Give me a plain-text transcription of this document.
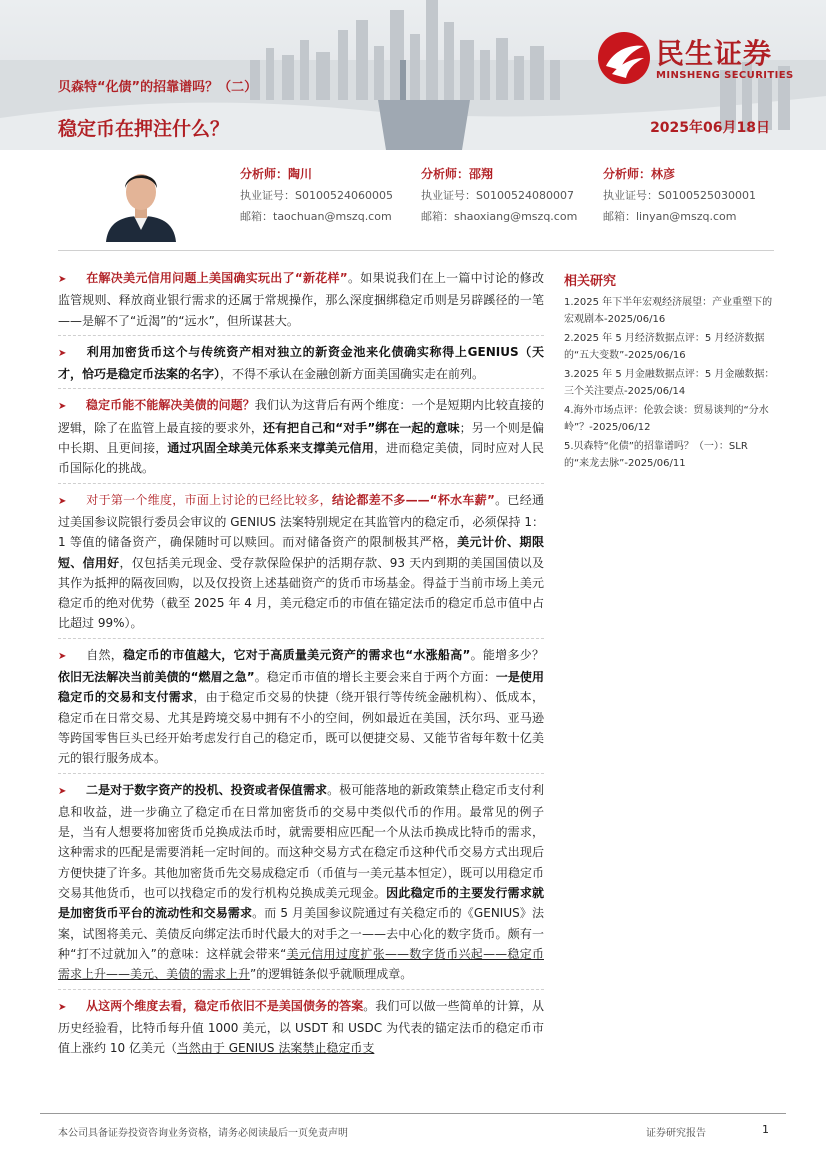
贝森特“化债”的招靠谱吗？（二）
稳定币在押注什么？	2025年06月18日
民生证券
MINSHENG SECURITIES
分析师：陶川
执业证号：S0100524060005
邮箱：taochuan@mszq.com
分析师：邵翔
执业证号：S0100524080007
邮箱：shaoxiang@mszq.com
分析师：林彦
执业证号：S0100525030001
邮箱：linyan@mszq.com
➤ 在解决美元信用问题上美国确实玩出了“新花样”。如果说我们在上一篇中讨论的修改监管规则、释放商业银行需求的还属于常规操作，那么深度捆绑稳定币则是另辟蹊径的一笔——是解不了“近渴”的“远水”，但所谋甚大。
➤ 利用加密货币这个与传统资产相对独立的新资金池来化债确实称得上GENIUS（天才，恰巧是稳定币法案的名字），不得不承认在金融创新方面美国确实走在前列。
➤ 稳定币能不能解决美债的问题？我们认为这背后有两个维度：一个是短期内比较直接的逻辑，除了在监管上最直接的要求外，还有把自己和“对手”绑在一起的意味；另一个则是偏中长期、且更间接，通过巩固全球美元体系来支撑美元信用，进而稳定美债，同时应对人民币国际化的挑战。
➤ 对于第一个维度，市面上讨论的已经比较多，结论都差不多——“杯水车薪”。已经通过美国参议院银行委员会审议的 GENIUS 法案特别规定在其监管内的稳定币，必须保持 1：1 等值的储备资产，确保随时可以赎回。而对储备资产的限制极其严格，美元计价、期限短、信用好，仅包括美元现金、受存款保险保护的活期存款、93 天内到期的美国国债以及其作为抵押的隔夜回购，以及仅投资上述基础资产的货币市场基金。得益于当前市场上美元稳定币的绝对优势（截至 2025 年 4 月，美元稳定币的市值在锚定法币的稳定币总市值中占比超过 99%）。
➤ 自然，稳定币的市值越大，它对于高质量美元资产的需求也“水涨船高”。能增多少？依旧无法解决当前美债的“燃眉之急”。稳定币市值的增长主要会来自于两个方面：一是使用稳定币的交易和支付需求，由于稳定币交易的快捷（绕开银行等传统金融机构）、低成本，稳定币在日常交易、尤其是跨境交易中拥有不小的空间，例如最近在美国，沃尔玛、亚马逊等跨国零售巨头已经开始考虑发行自己的稳定币，既可以便捷交易、又能节省每年数十亿美元的银行服务成本。
➤ 二是对于数字资产的投机、投资或者保值需求。极可能落地的新政策禁止稳定币支付利息和收益，进一步确立了稳定币在日常加密货币的交易中类似代币的作用。最常见的例子是，当有人想要将加密货币兑换成法币时，就需要相应匹配一个从法币换成比特币的需求，这种需求的匹配是需要消耗一定时间的。而这种交易方式在稳定币这种代币交易方式出现后方便快捷了许多。其他加密货币先交易成稳定币（币值与一美元基本恒定），既可以用稳定币交易其他货币，也可以找稳定币的发行机构兑换成美元现金。因此稳定币的主要发行需求就是加密货币平台的流动性和交易需求。而 5 月美国参议院通过有关稳定币的《GENIUS》法案，试图将美元、美债反向绑定法币时代最大的对手之一——去中心化的数字货币。颇有一种“打不过就加入”的意味：这样就会带来“美元信用过度扩张——数字货币兴起——稳定币需求上升——美元、美债的需求上升”的逻辑链条似乎就顺理成章。
➤ 从这两个维度去看，稳定币依旧不是美国债务的答案。我们可以做一些简单的计算，从历史经验看，比特币每升值 1000 美元，以 USDT 和 USDC 为代表的锚定法币的稳定币市值上涨约 10 亿美元（当然由于 GENIUS 法案禁止稳定币支
相关研究
1.2025 年下半年宏观经济展望：产业重塑下的宏观剧本-2025/06/16
2.2025 年 5 月经济数据点评：5 月经济数据的“五大变数”-2025/06/16
3.2025 年 5 月金融数据点评：5 月金融数据：三个关注要点-2025/06/14
4.海外市场点评：伦敦会谈：贸易谈判的“分水岭”？-2025/06/12
5.贝森特“化债”的招靠谱吗？（一）：SLR 的“来龙去脉”-2025/06/11
本公司具备证券投资咨询业务资格，请务必阅读最后一页免责声明	证券研究报告	1
